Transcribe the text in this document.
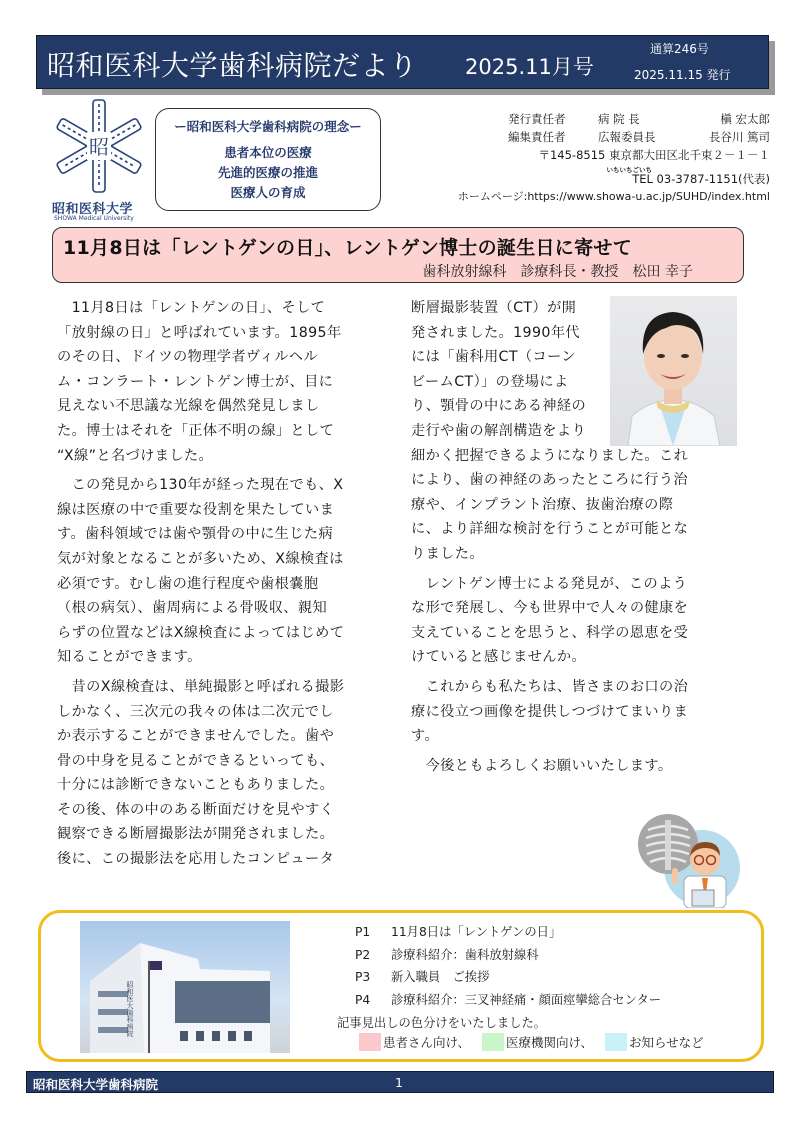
昭和医科大学歯科病院だより 2025.11月号
通算246号
2025.11.15 発行
昭
昭和医科大学
SHOWA Medical University
ー昭和医科大学歯科病院の理念ー
患者本位の医療
先進的医療の推進
医療人の育成
発行責任者	病 院 長	槇 宏太郎
編集責任者	広報委員長	長谷川 篤司
〒145-8515 東京都大田区北千束２－１－１
いちいちごいち
TEL 03-3787-1151(代表)
ホームページ:https://www.showa-u.ac.jp/SUHD/index.html
11月8日は「レントゲンの日」、レントゲン博士の誕生日に寄せて
歯科放射線科　診療科長・教授　松田 幸子

　11月8日は「レントゲンの日」、そして

「放射線の日」と呼ばれています。1895年

のその日、ドイツの物理学者ヴィルヘル

ム・コンラート・レントゲン博士が、目に

見えない不思議な光線を偶然発見しまし

た。博士はそれを「正体不明の線」として

“X線”と名づけました。

　この発見から130年が経った現在でも、X

線は医療の中で重要な役割を果たしていま

す。歯科領域では歯や顎骨の中に生じた病

気が対象となることが多いため、X線検査は

必須です。むし歯の進行程度や歯根嚢胞

（根の病気）、歯周病による骨吸収、親知

らずの位置などはX線検査によってはじめて

知ることができます。

　昔のX線検査は、単純撮影と呼ばれる撮影

しかなく、三次元の我々の体は二次元でし

か表示することができませんでした。歯や

骨の中身を見ることができるといっても、

十分には診断できないこともありました。

その後、体の中のある断面だけを見やすく

観察できる断層撮影法が開発されました。

後に、この撮影法を応用したコンピュータ

断層撮影装置（CT）が開

発されました。1990年代

には「歯科用CT（コーン

ビームCT）」の登場によ

り、顎骨の中にある神経の

走行や歯の解剖構造をより

細かく把握できるようになりました。これ

により、歯の神経のあったところに行う治

療や、インプラント治療、抜歯治療の際

に、より詳細な検討を行うことが可能とな

りました。

　レントゲン博士による発見が、このよう

な形で発展し、今も世界中で人々の健康を

支えていることを思うと、科学の恩恵を受

けていると感じませんか。

　これからも私たちは、皆さまのお口の治

療に役立つ画像を提供しつづけてまいりま

す。

　今後ともよろしくお願いいたします。

昭和医大歯科病院
P1 11月8日は「レントゲンの日」
P2 診療科紹介：歯科放射線科
P3 新入職員　ご挨拶
P4 診療科紹介：三叉神経痛・顔面痙攣総合センター
記事見出しの色分けをいたしました。
患者さん向け、	医療機関向け、	お知らせなど
昭和医科大学歯科病院	1
